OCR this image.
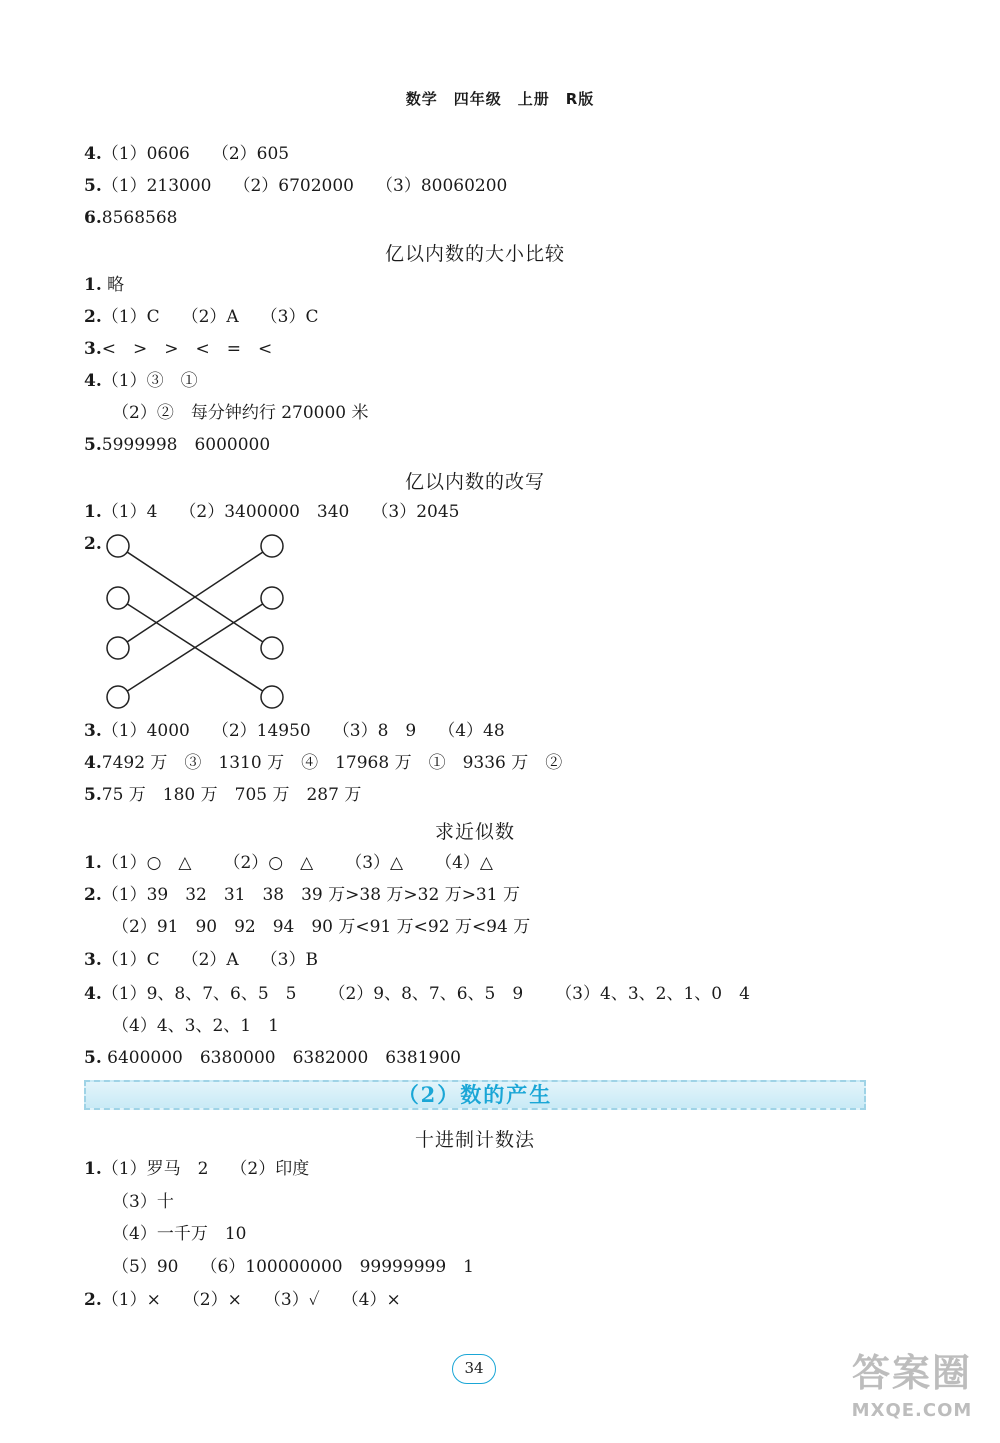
数学　四年级　上册　R版
4.（1）0606 （2）605
5.（1）213000 （2）6702000 （3）80060200
6.8568568
亿以内数的大小比较
1. 略
2.（1）C （2）A （3）C
3.<　>　>　<　=　<
4.（1）③　①
（2）②　每分钟约行 270000 米
5.5999998　6000000
亿以内数的改写
1.（1）4 （2）3400000　340 （3）2045
2.
3.（1）4000 （2）14950 （3）8　9 （4）48
4.7492 万　③　1310 万　④　17968 万　①　9336 万　②
5.75 万　180 万　705 万　287 万
求近似数
1.（1）○　△ （2）○　△ （3）△ （4）△
2.（1）39　32　31　38　39 万>38 万>32 万>31 万
（2）91　90　92　94　90 万<91 万<92 万<94 万
3.（1）C （2）A （3）B
4.（1）9、8、7、6、5　5 （2）9、8、7、6、5　9 （3）4、3、2、1、0　4
（4）4、3、2、1　1
5. 6400000　6380000　6382000　6381900
（2）数的产生
十进制计数法
1.（1）罗马　2 （2）印度
（3）十
（4）一千万　10
（5）90 （6）100000000　99999999　1
2.（1）× （2）× （3）✓ （4）×
34	答案圈
MXQE.COM
